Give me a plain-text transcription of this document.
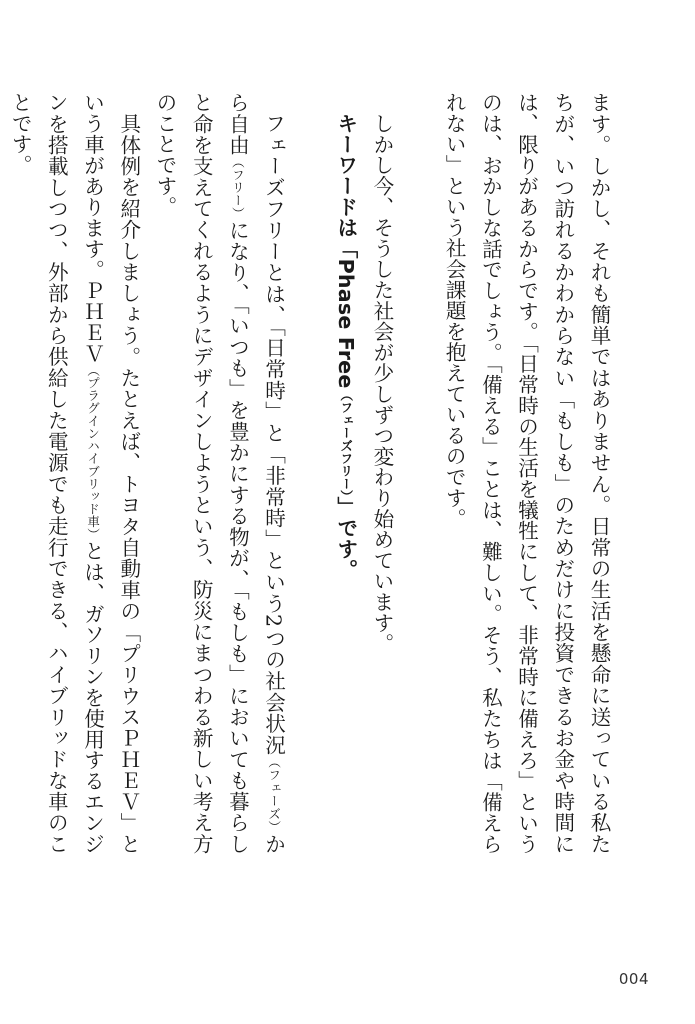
ます。しかし、それも簡単ではありません。日常の生活を懸命に送っている私たちが、いつ訪れるかわからない「もしも」のためだけに投資できるお金や時間には、限りがあるからです。「日常時の生活を犠牲にして、非常時に備えろ」というのは、おかしな話でしょう。「備える」ことは、難しい。そう、私たちは「備えられない」という社会課題を抱えているのです。

しかし今、そうした社会が少しずつ変わり始めています。

キーワードは「Phase Free（フェーズフリー）」です。

フェーズフリーとは、「日常時」と「非常時」という2つの社会状況（フェーズ）から自由（フリー）になり、「いつも」を豊かにする物が、「もしも」においても暮らしと命を支えてくれるようにデザインしようという、防災にまつわる新しい考え方のことです。

具体例を紹介しましょう。たとえば、トヨタ自動車の「プリウスＰＨＥＶ」という車があります。ＰＨＥＶ（プラグインハイブリッド車）とは、ガソリンを使用するエンジンを搭載しつつ、外部から供給した電源でも走行できる、ハイブリッドな車のことです。

004
